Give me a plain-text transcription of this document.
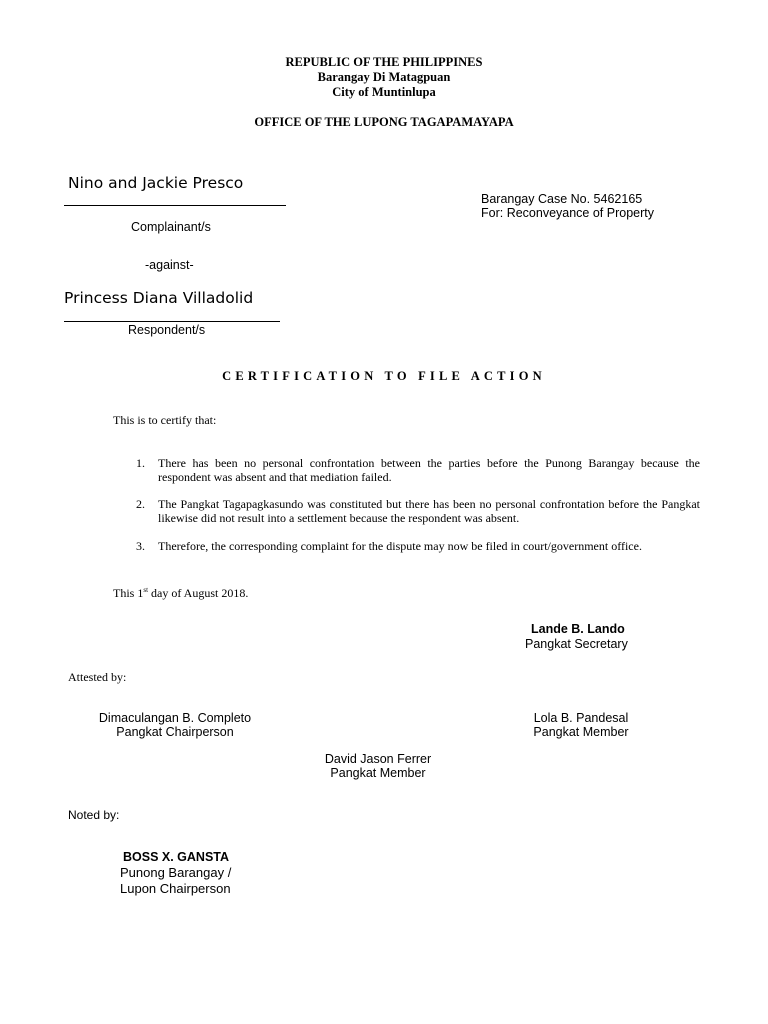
REPUBLIC OF THE PHILIPPINES
Barangay Di Matagpuan
City of Muntinlupa
OFFICE OF THE LUPONG TAGAPAMAYAPA
Nino and Jackie Presco
Complainant/s
Barangay Case No. 5462165
For: Reconveyance of Property
-against-
Princess Diana Villadolid
Respondent/s
CERTIFICATION TO FILE ACTION
This is to certify that:
1. There has been no personal confrontation between the parties before the Punong Barangay because the respondent was absent and that mediation failed.
2. The Pangkat Tagapagkasundo was constituted but there has been no personal confrontation before the Pangkat likewise did not result into a settlement because the respondent was absent.
3. Therefore, the corresponding complaint for the dispute may now be filed in court/government office.
This 1st day of August 2018.
Lande B. Lando
Pangkat Secretary
Attested by:
Dimaculangan B. Completo
Pangkat Chairperson
Lola B. Pandesal
Pangkat Member
David Jason Ferrer
Pangkat Member
Noted by:
BOSS X. GANSTA
Punong Barangay /
Lupon Chairperson
